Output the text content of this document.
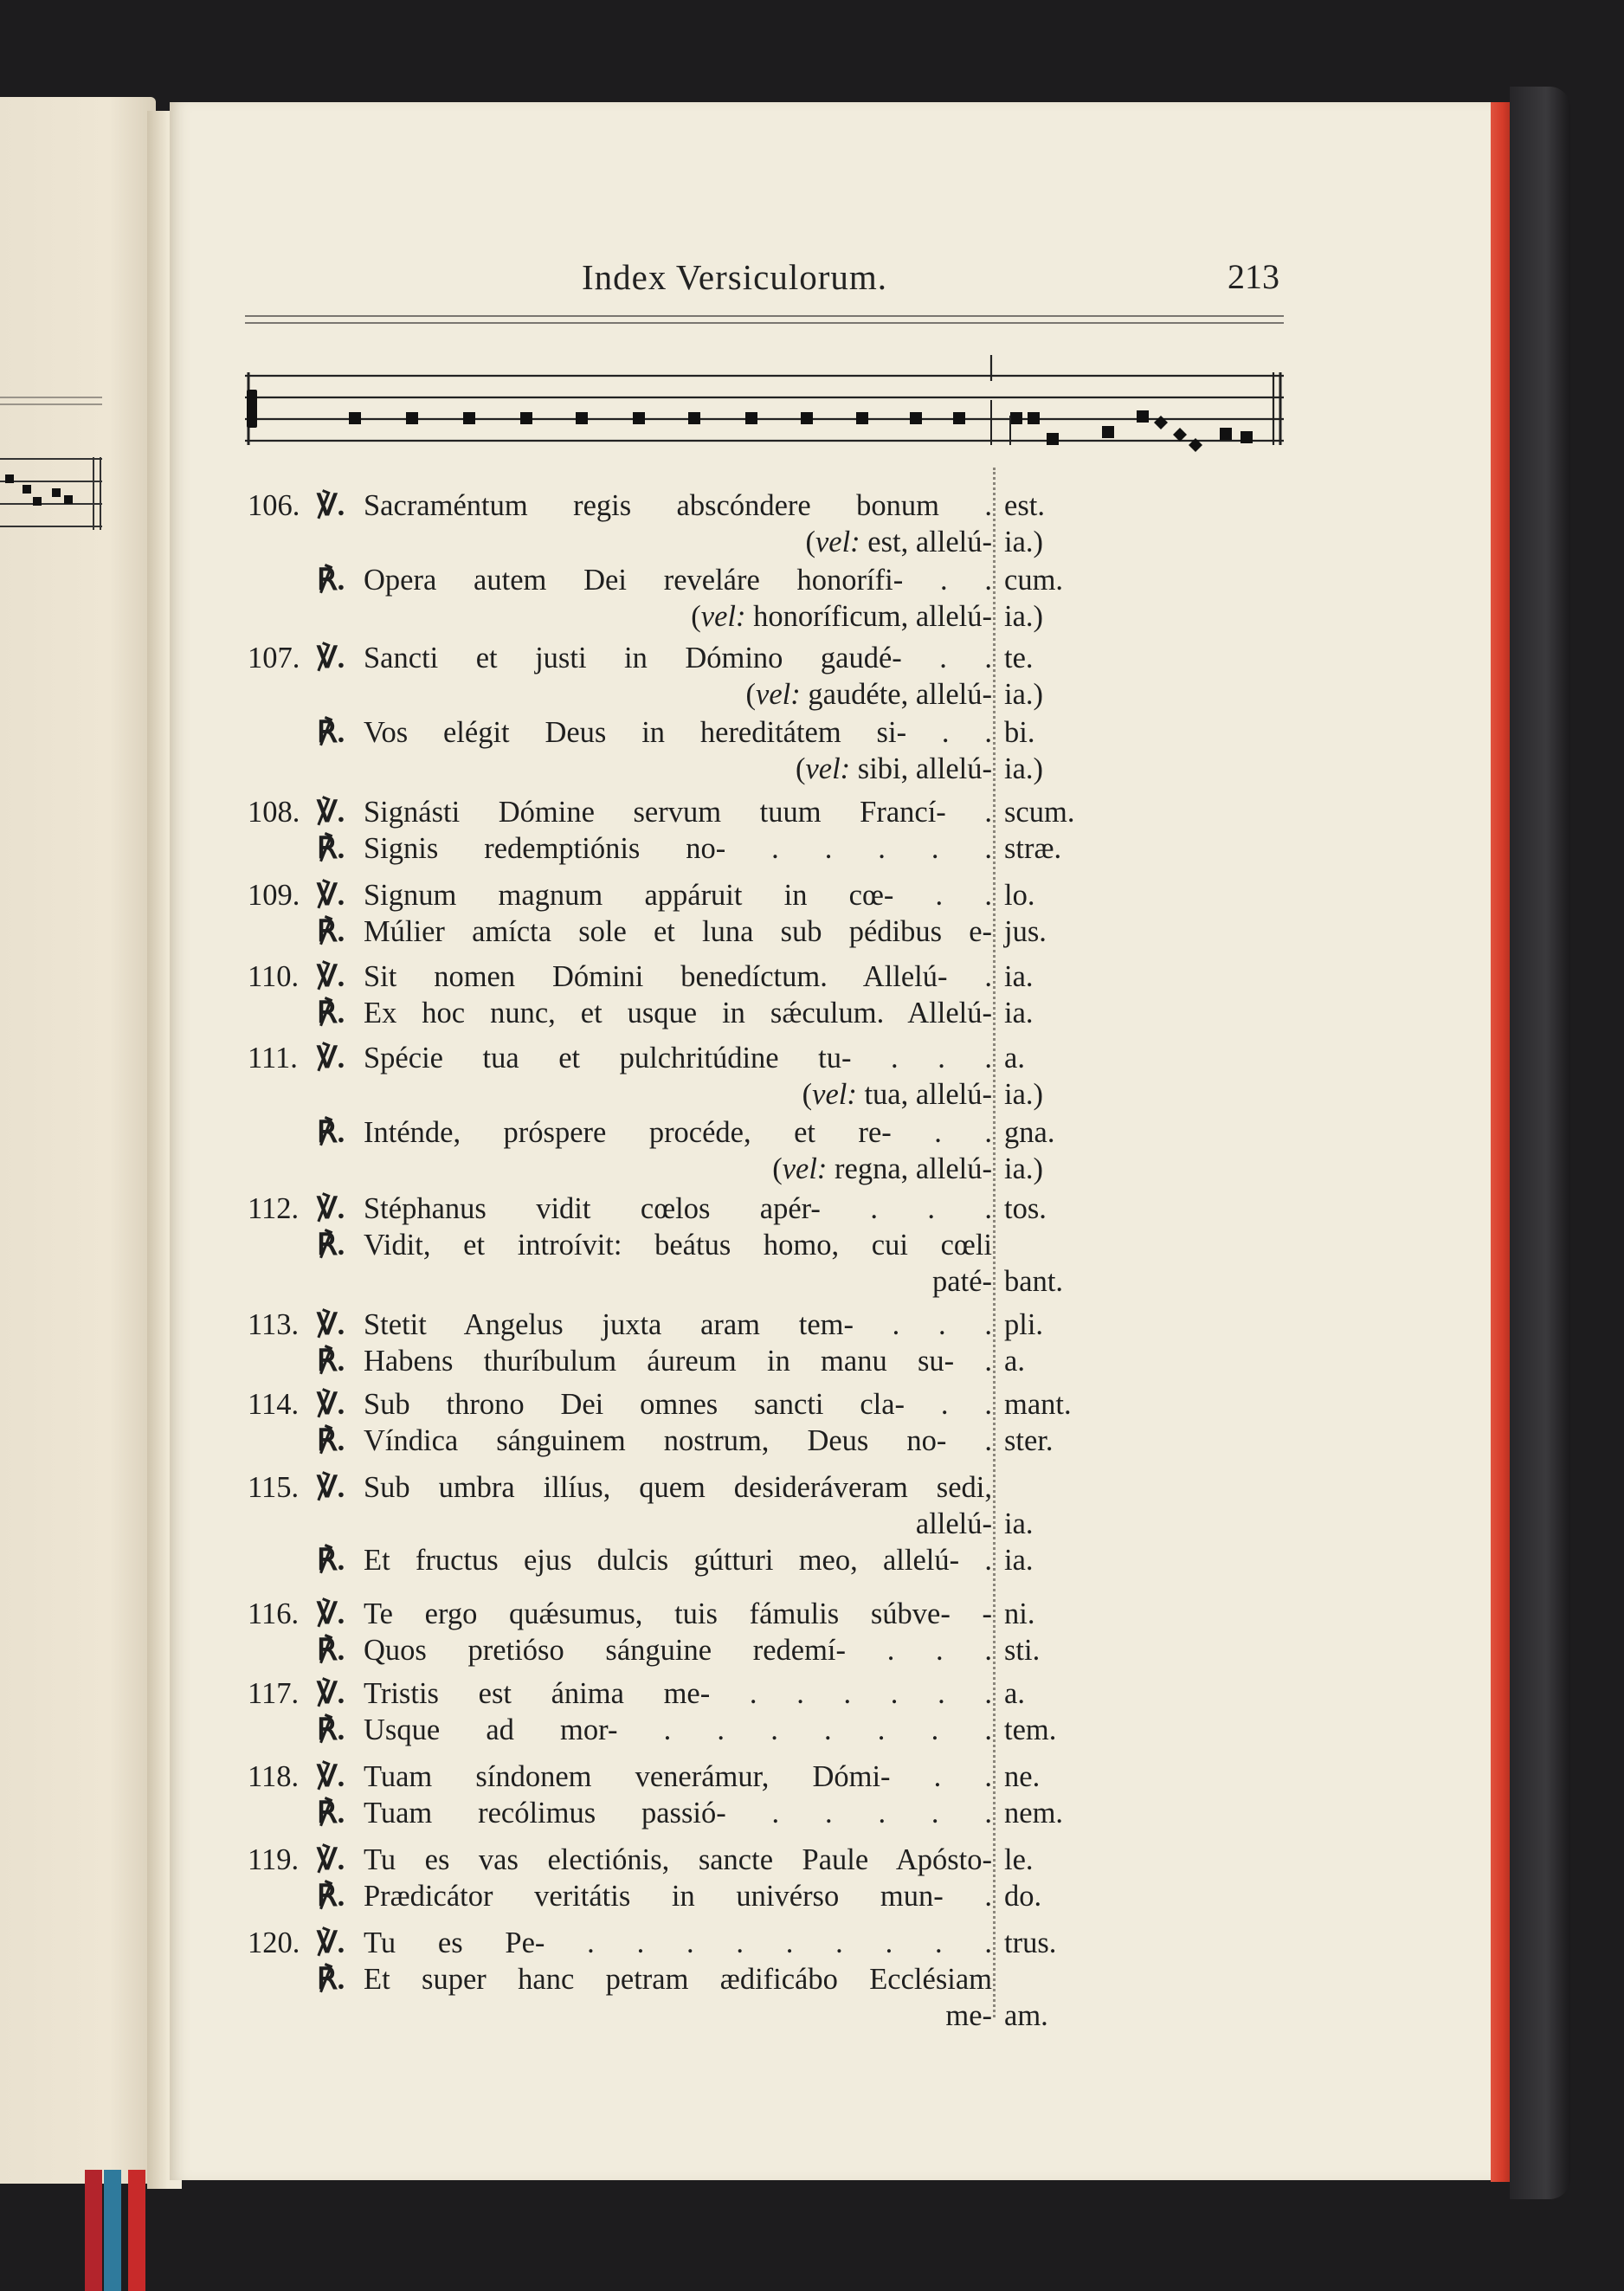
Index Versiculorum.	213
106. ℣. Sacraméntum regis abscóndere bonum . est.
(vel: est, allelú- ia.)
℟. Opera autem Dei reveláre honorífi- . . cum.
(vel: honoríficum, allelú- ia.)
107. ℣. Sancti et justi in Dómino gaudé- . . te.
(vel: gaudéte, allelú- ia.)
℟. Vos elégit Deus in hereditátem si- . . bi.
(vel: sibi, allelú- ia.)
108. ℣. Signásti Dómine servum tuum Francí- . scum.
℟. Signis redemptiónis no- . . . . . stræ.
109. ℣. Signum magnum appáruit in cœ- . . lo.
℟. Múlier amícta sole et luna sub pédibus e- jus.
110. ℣. Sit nomen Dómini benedíctum. Allelú- . ia.
℟. Ex hoc nunc, et usque in sǽculum. Allelú- ia.
111. ℣. Spécie tua et pulchritúdine tu- . . . a.
(vel: tua, allelú- ia.)
℟. Inténde, próspere procéde, et re- . . gna.
(vel: regna, allelú- ia.)
112. ℣. Stéphanus vidit cœlos apér- . . . tos.
℟. Vidit, et introívit: beátus homo, cui cœli
paté- bant.
113. ℣. Stetit Angelus juxta aram tem- . . . pli.
℟. Habens thuríbulum áureum in manu su- . a.
114. ℣. Sub throno Dei omnes sancti cla- . . mant.
℟. Víndica sánguinem nostrum, Deus no- . ster.
115. ℣. Sub umbra illíus, quem desideráveram sedi,
allelú- ia.
℟. Et fructus ejus dulcis gútturi meo, allelú- . ia.
116. ℣. Te ergo quǽsumus, tuis fámulis súbve- - ni.
℟. Quos pretióso sánguine redemí- . . . sti.
117. ℣. Tristis est ánima me- . . . . . . a.
℟. Usque ad mor- . . . . . . . tem.
118. ℣. Tuam síndonem venerámur, Dómi- . . ne.
℟. Tuam recólimus passió- . . . . . nem.
119. ℣. Tu es vas electiónis, sancte Paule Apósto- le.
℟. Prædicátor veritátis in univérso mun- . do.
120. ℣. Tu es Pe- . . . . . . . . . trus.
℟. Et super hanc petram ædificábo Ecclésiam
me- am.
